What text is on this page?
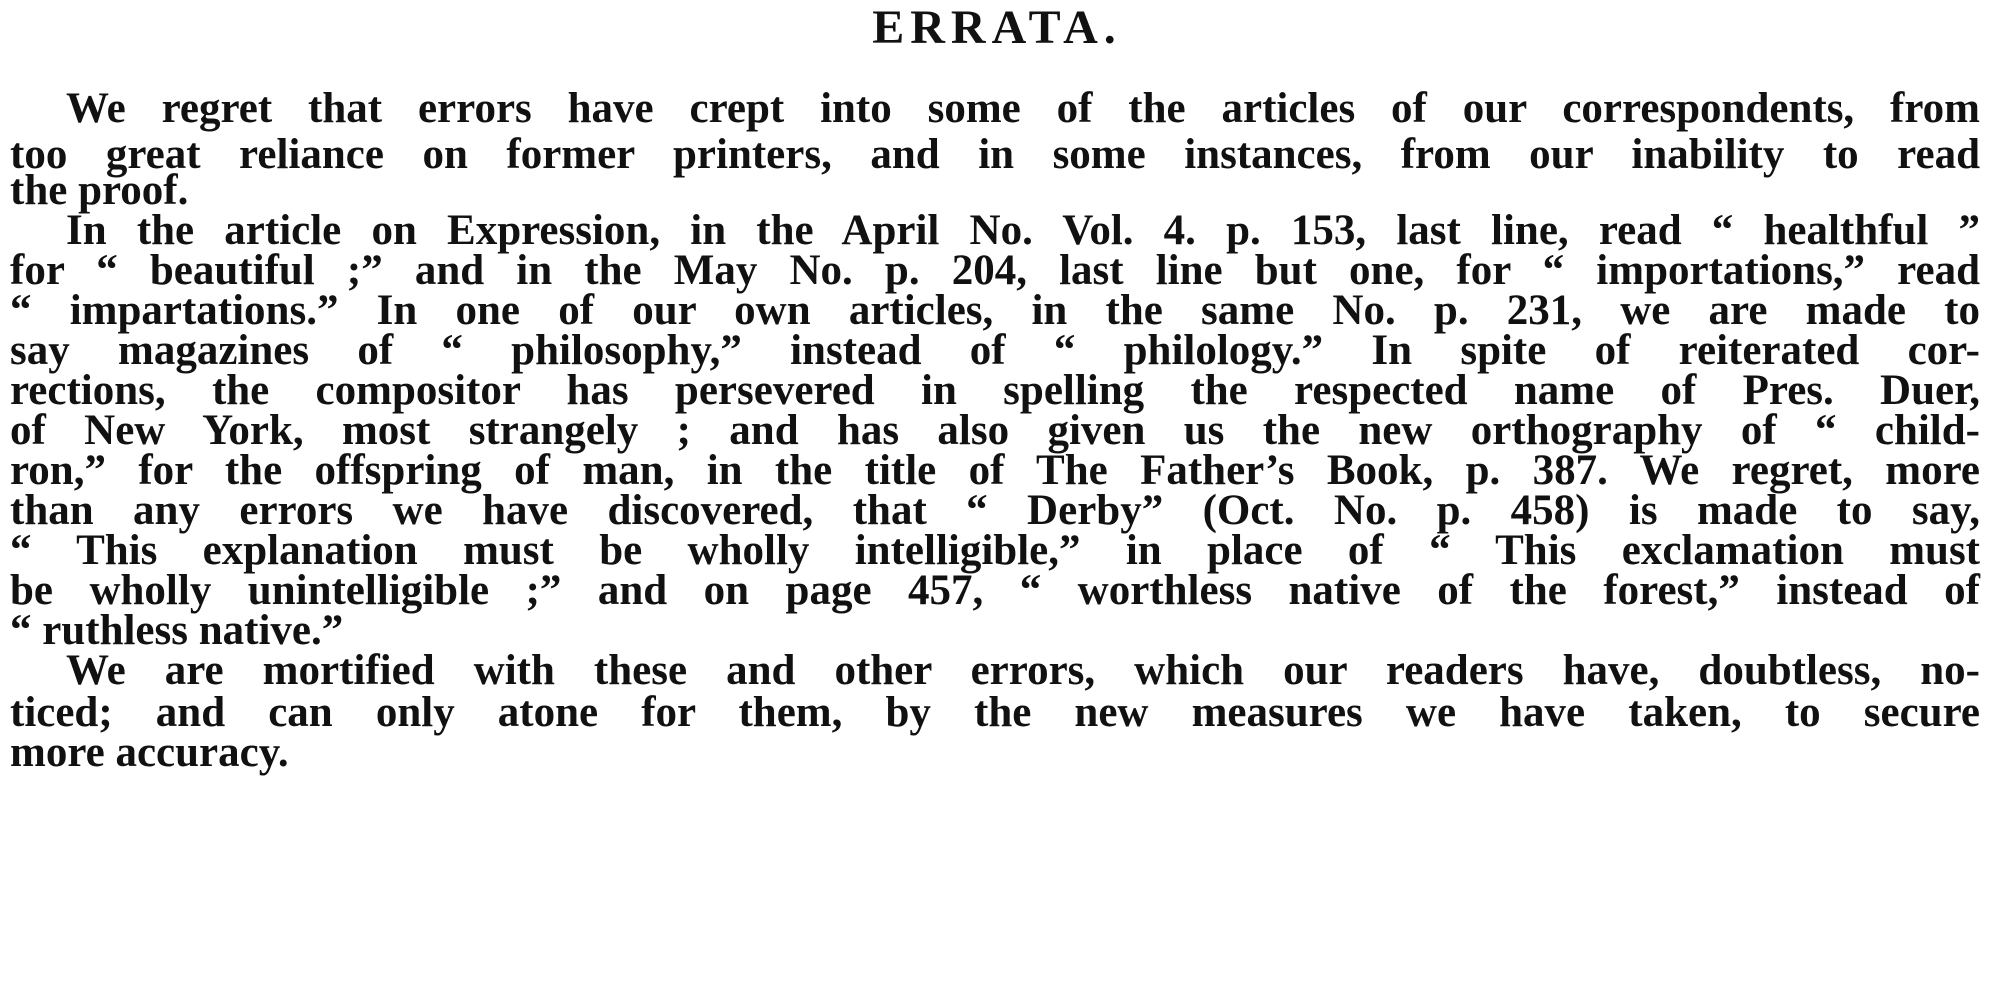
ERRATA.
We regret that errors have crept into some of the articles of our correspondents, from
too great reliance on former printers, and in some instances, from our inability to read
the proof.
In the article on Expression, in the April No. Vol. 4. p. 153, last line, read “ healthful ”
for “ beautiful ;” and in the May No. p. 204, last line but one, for “ importations,” read
“ impartations.” In one of our own articles, in the same No. p. 231, we are made to
say magazines of “ philosophy,” instead of “ philology.” In spite of reiterated cor-
rections, the compositor has persevered in spelling the respected name of Pres. Duer,
of New York, most strangely ; and has also given us the new orthography of “ child-
ron,” for the offspring of man, in the title of The Father’s Book, p. 387. We regret, more
than any errors we have discovered, that “ Derby” (Oct. No. p. 458) is made to say,
“ This explanation must be wholly intelligible,” in place of “ This exclamation must
be wholly unintelligible ;” and on page 457, “ worthless native of the forest,” instead of
“ ruthless native.”
We are mortified with these and other errors, which our readers have, doubtless, no-
ticed; and can only atone for them, by the new measures we have taken, to secure
more accuracy.
